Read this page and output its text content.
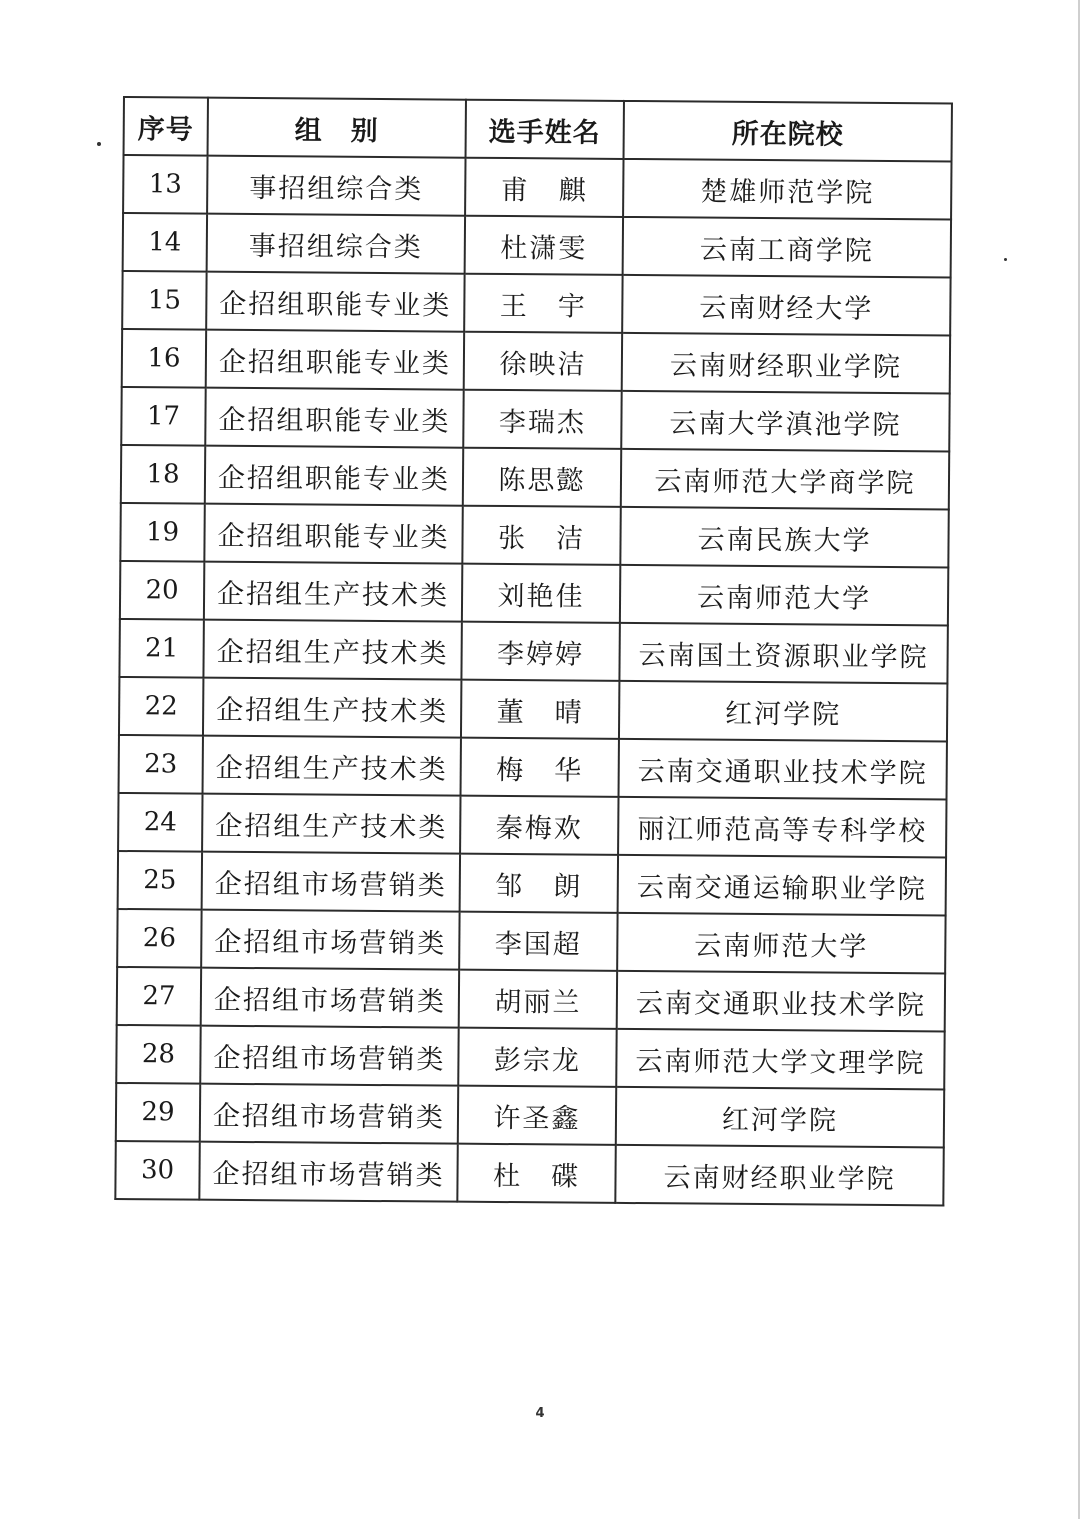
序号	组　别	选手姓名	所在院校
13	事招组综合类	甫　麒	楚雄师范学院
14	事招组综合类	杜潇雯	云南工商学院
15	企招组职能专业类	王　宇	云南财经大学
16	企招组职能专业类	徐映洁	云南财经职业学院
17	企招组职能专业类	李瑞杰	云南大学滇池学院
18	企招组职能专业类	陈思懿	云南师范大学商学院
19	企招组职能专业类	张　洁	云南民族大学
20	企招组生产技术类	刘艳佳	云南师范大学
21	企招组生产技术类	李婷婷	云南国土资源职业学院
22	企招组生产技术类	董　晴	红河学院
23	企招组生产技术类	梅　华	云南交通职业技术学院
24	企招组生产技术类	秦梅欢	丽江师范高等专科学校
25	企招组市场营销类	邹　朗	云南交通运输职业学院
26	企招组市场营销类	李国超	云南师范大学
27	企招组市场营销类	胡丽兰	云南交通职业技术学院
28	企招组市场营销类	彭宗龙	云南师范大学文理学院
29	企招组市场营销类	许圣鑫	红河学院
30	企招组市场营销类	杜　碟	云南财经职业学院
4
